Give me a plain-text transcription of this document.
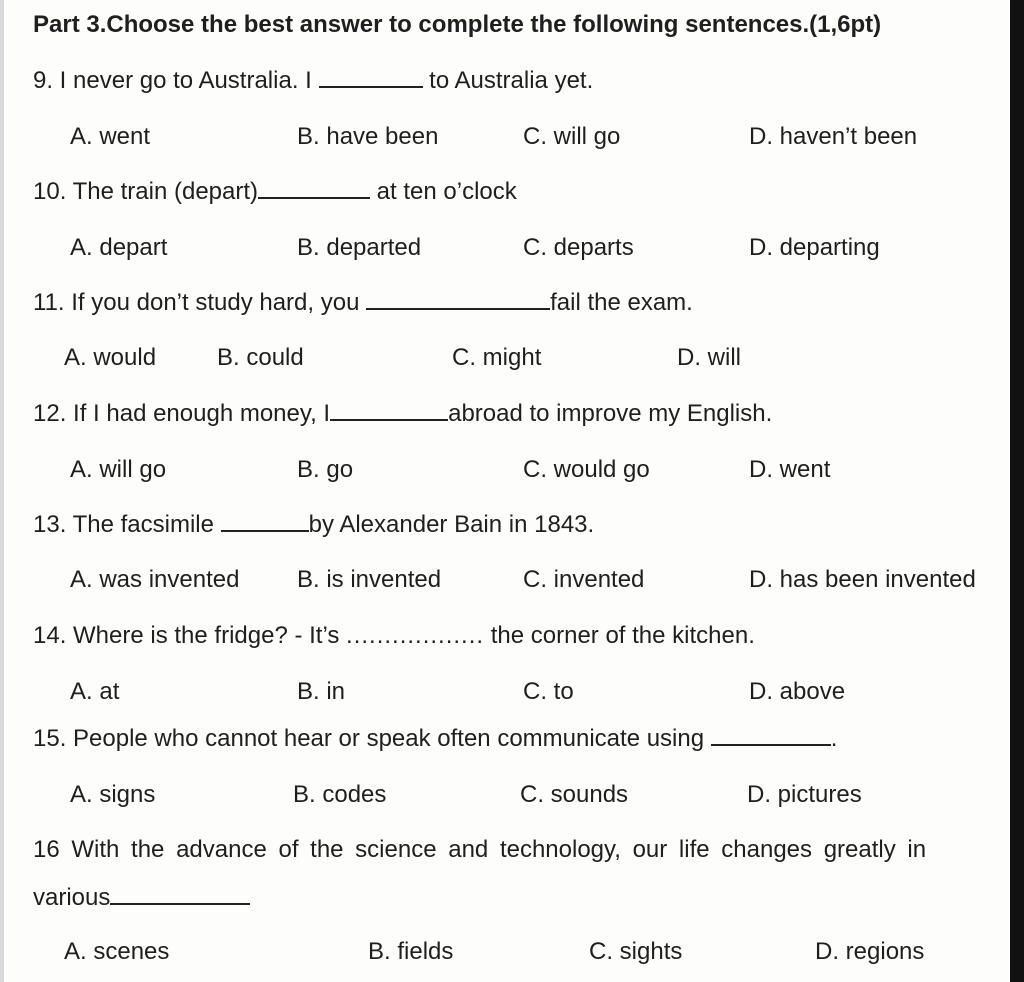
Part 3.Choose the best answer to complete the following sentences.(1,6pt)
9. I never go to Australia. I	to Australia yet.
A. went	B. have been	C. will go	D. haven’t been
10. The train (depart)	at ten o’clock
A. depart	B. departed	C. departs	D. departing
11. If you don’t study hard, you	fail the exam.
A. would	B. could	C. might	D. will
12. If I had enough money, I	abroad to improve my English.
A. will go	B. go	C. would go	D. went
13. The facsimile	by Alexander Bain in 1843.
A. was invented B. is invented	C. invented	D. has been invented
14. Where is the fridge? - It’s .................. the corner of the kitchen.
A. at	B. in	C. to	D. above
15. People who cannot hear or speak often communicate using	.
A. signs	B. codes	C. sounds	D. pictures
16 With the advance of the science and technology, our life changes greatly in
various
A. scenes	B. fields	C. sights	D. regions
